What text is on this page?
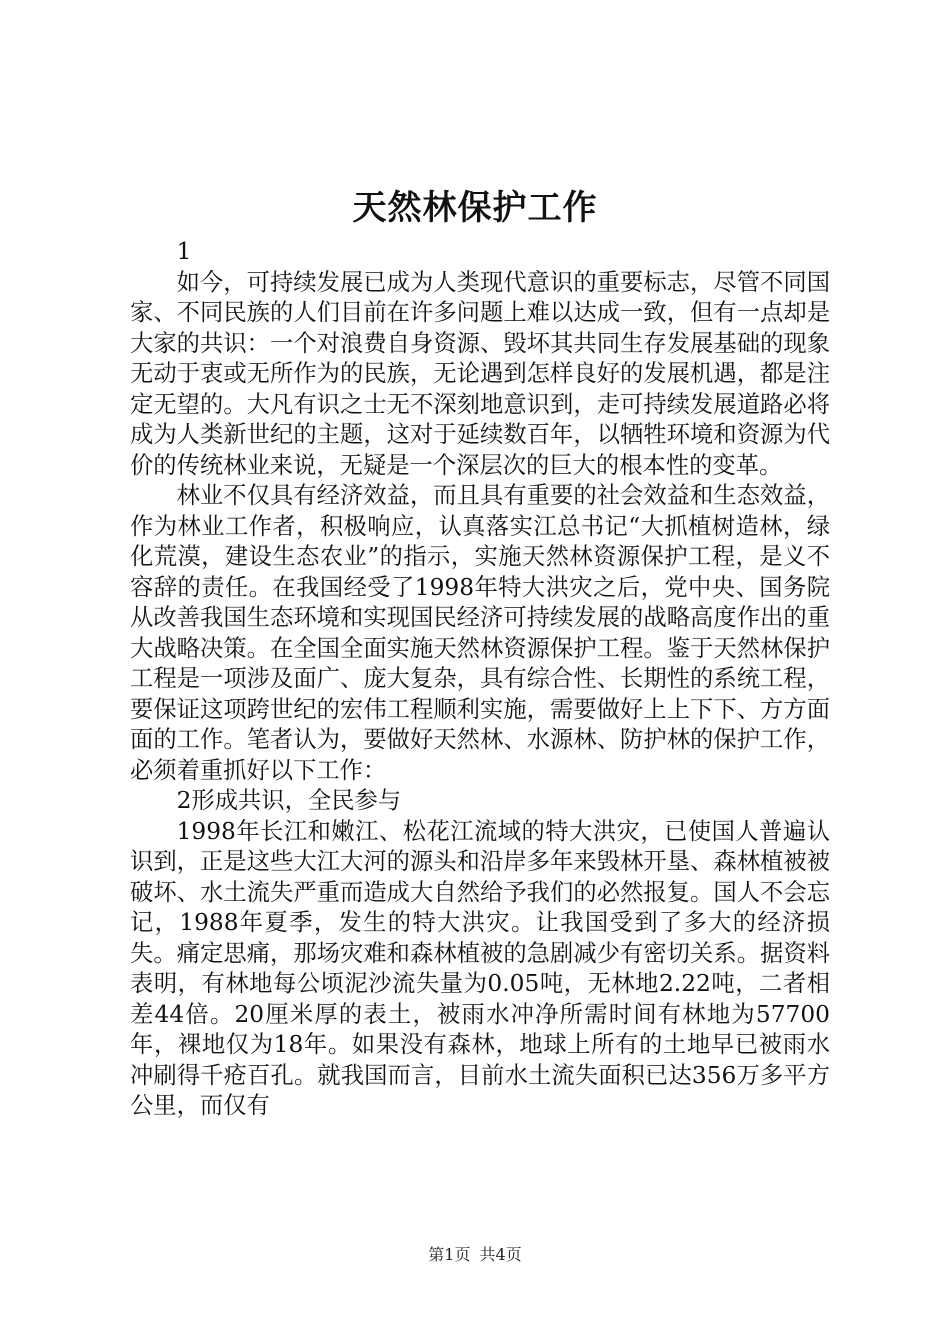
天然林保护工作

1

如今，可持续发展已成为人类现代意识的重要标志，尽管不同国家、不同民族的人们目前在许多问题上难以达成一致，但有一点却是大家的共识：一个对浪费自身资源、毁坏其共同生存发展基础的现象无动于衷或无所作为的民族，无论遇到怎样良好的发展机遇，都是注定无望的。大凡有识之士无不深刻地意识到，走可持续发展道路必将成为人类新世纪的主题，这对于延续数百年，以牺牲环境和资源为代价的传统林业来说，无疑是一个深层次的巨大的根本性的变革。

林业不仅具有经济效益，而且具有重要的社会效益和生态效益，作为林业工作者，积极响应，认真落实江总书记“大抓植树造林，绿化荒漠，建设生态农业”的指示，实施天然林资源保护工程，是义不容辞的责任。在我国经受了1998年特大洪灾之后，党中央、国务院从改善我国生态环境和实现国民经济可持续发展的战略高度作出的重大战略决策。在全国全面实施天然林资源保护工程。鉴于天然林保护工程是一项涉及面广、庞大复杂，具有综合性、长期性的系统工程，要保证这项跨世纪的宏伟工程顺利实施，需要做好上上下下、方方面面的工作。笔者认为，要做好天然林、水源林、防护林的保护工作，必须着重抓好以下工作：

2形成共识，全民参与

1998年长江和嫩江、松花江流域的特大洪灾，已使国人普遍认识到，正是这些大江大河的源头和沿岸多年来毁林开垦、森林植被被破坏、水土流失严重而造成大自然给予我们的必然报复。国人不会忘记，1988年夏季，发生的特大洪灾。让我国受到了多大的经济损失。痛定思痛，那场灾难和森林植被的急剧减少有密切关系。据资料表明，有林地每公顷泥沙流失量为0.05吨，无林地2.22吨，二者相差44倍。20厘米厚的表土，被雨水冲净所需时间有林地为57700年，裸地仅为18年。如果没有森林，地球上所有的土地早已被雨水冲刷得千疮百孔。就我国而言，目前水土流失面积已达356万多平方公里，而仅有

第1页 共4页
